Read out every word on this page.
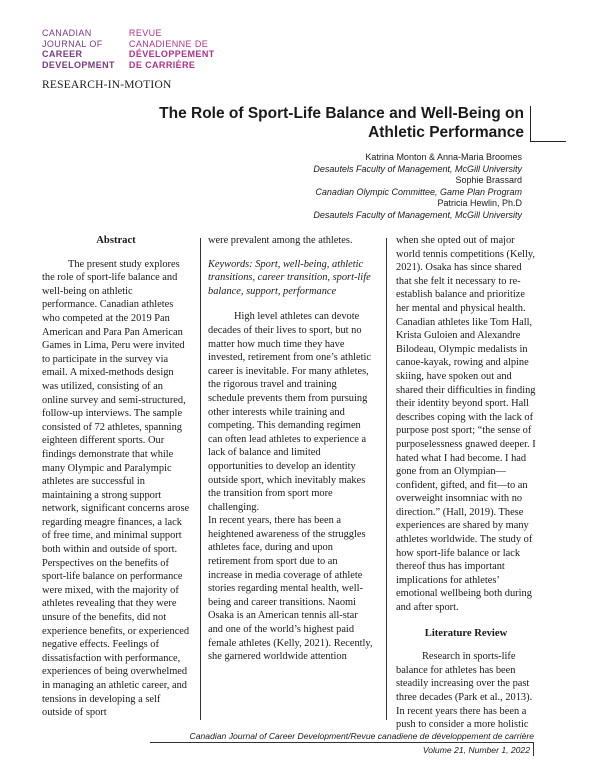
CANADIAN
JOURNAL OF
CAREER
DEVELOPMENT
REVUE
CANADIENNE DE
DÉVELOPPEMENT
DE CARRIÈRE
RESEARCH-IN-MOTION
The Role of Sport-Life Balance and Well-Being on
Athletic Performance
Katrina Monton & Anna-Maria Broomes
Desautels Faculty of Management, McGill University
Sophie Brassard
Canadian Olympic Committee, Game Plan Program
Patricia Hewlin, Ph.D
Desautels Faculty of Management, McGill University
Abstract

The present study explores the role of sport-life balance and well-being on athletic performance. Canadian athletes who competed at the 2019 Pan American and Para Pan American Games in Lima, Peru were invited to participate in the survey via email. A mixed-methods design was utilized, consisting of an online survey and semi-structured, follow-up interviews. The sample consisted of 72 athletes, spanning eighteen different sports. Our findings demonstrate that while many Olympic and Paralympic athletes are successful in maintaining a strong support network, significant concerns arose regarding meagre finances, a lack of free time, and minimal support both within and outside of sport. Perspectives on the benefits of sport-life balance on performance were mixed, with the majority of athletes revealing that they were unsure of the benefits, did not experience benefits, or experienced negative effects. Feelings of dissatisfaction with performance, experiences of being overwhelmed in managing an athletic career, and tensions in developing a self outside of sport

were prevalent among the athletes.

Keywords: Sport, well-being, athletic transitions, career transition, sport-life balance, support, performance

High level athletes can devote decades of their lives to sport, but no matter how much time they have invested, retirement from one’s athletic career is inevitable. For many athletes, the rigorous travel and training schedule prevents them from pursuing other interests while training and competing. This demanding regimen can often lead athletes to experience a lack of balance and limited opportunities to develop an identity outside sport, which inevitably makes the transition from sport more challenging.

In recent years, there has been a heightened awareness of the struggles athletes face, during and upon retirement from sport due to an increase in media coverage of athlete stories regarding mental health, well-being and career transitions. Naomi Osaka is an American tennis all-star and one of the world’s highest paid female athletes (Kelly, 2021). Recently, she garnered worldwide attention

when she opted out of major world tennis competitions (Kelly, 2021). Osaka has since shared that she felt it necessary to re-establish balance and prioritize her mental and physical health. Canadian athletes like Tom Hall, Krista Guloien and Alexandre Bilodeau, Olympic medalists in canoe-kayak, rowing and alpine skiing, have spoken out and shared their difficulties in finding their identity beyond sport. Hall describes coping with the lack of purpose post sport; “the sense of purposelessness gnawed deeper. I hated what I had become. I had gone from an Olympian—confident, gifted, and fit—to an overweight insomniac with no direction.” (Hall, 2019). These experiences are shared by many athletes worldwide. The study of how sport-life balance or lack thereof thus has important implications for athletes’ emotional wellbeing both during and after sport.

Literature Review

Research in sports-life balance for athletes has been steadily increasing over the past three decades (Park et al., 2013). In recent years there has been a push to consider a more holistic

Canadian Journal of Career Development/Revue canadiene de développement de carrière
Volume 21, Number 1, 2022
